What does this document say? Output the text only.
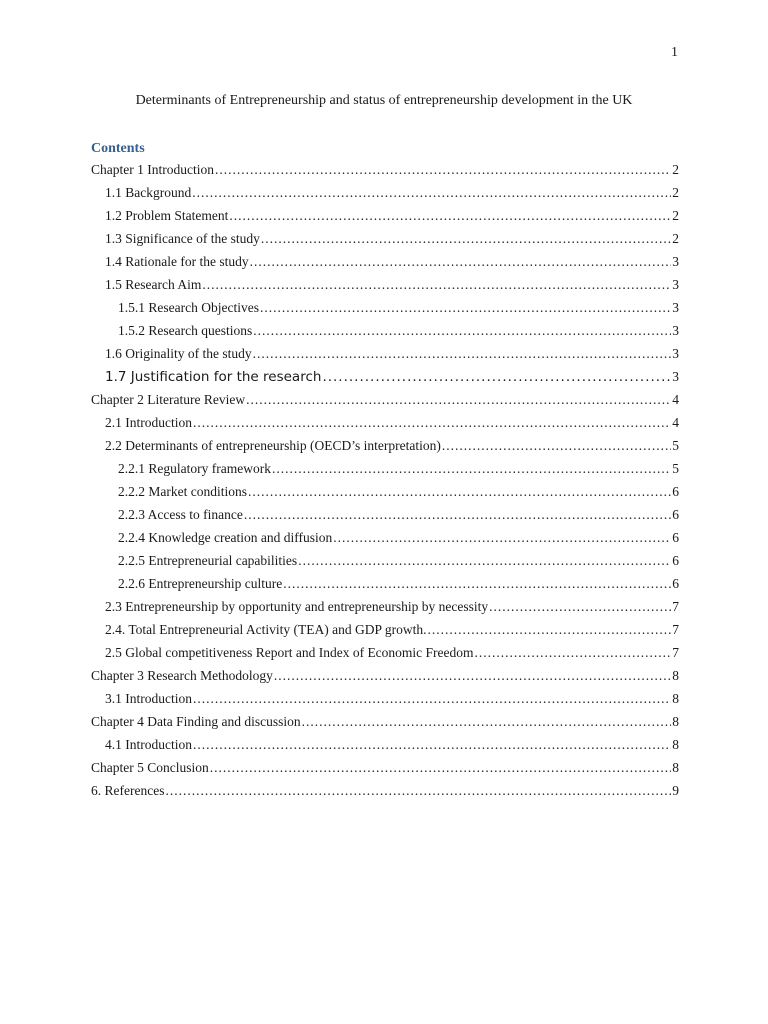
1
Determinants of Entrepreneurship and status of entrepreneurship development in the UK
Contents
Chapter 1 Introduction .....	2
1.1 Background .....	2
1.2 Problem Statement .....	2
1.3 Significance of the study .....	2
1.4 Rationale for the study .....	3
1.5 Research Aim .....	3
1.5.1 Research Objectives .....	3
1.5.2 Research questions .....	3
1.6 Originality of the study .....	3
1.7 Justification for the research .....	3
Chapter 2 Literature Review .....	4
2.1 Introduction .....	4
2.2 Determinants of entrepreneurship (OECD’s interpretation) .....	5
2.2.1 Regulatory framework .....	5
2.2.2 Market conditions .....	6
2.2.3 Access to finance .....	6
2.2.4 Knowledge creation and diffusion .....	6
2.2.5 Entrepreneurial capabilities .....	6
2.2.6 Entrepreneurship culture .....	6
2.3 Entrepreneurship by opportunity and entrepreneurship by necessity .....	7
2.4. Total Entrepreneurial Activity (TEA) and GDP growth. .....	7
2.5 Global competitiveness Report and Index of Economic Freedom .....	7
Chapter 3 Research Methodology .....	8
3.1 Introduction .....	8
Chapter 4 Data Finding and discussion .....	8
4.1 Introduction .....	8
Chapter 5 Conclusion .....	8
6. References .....	9
